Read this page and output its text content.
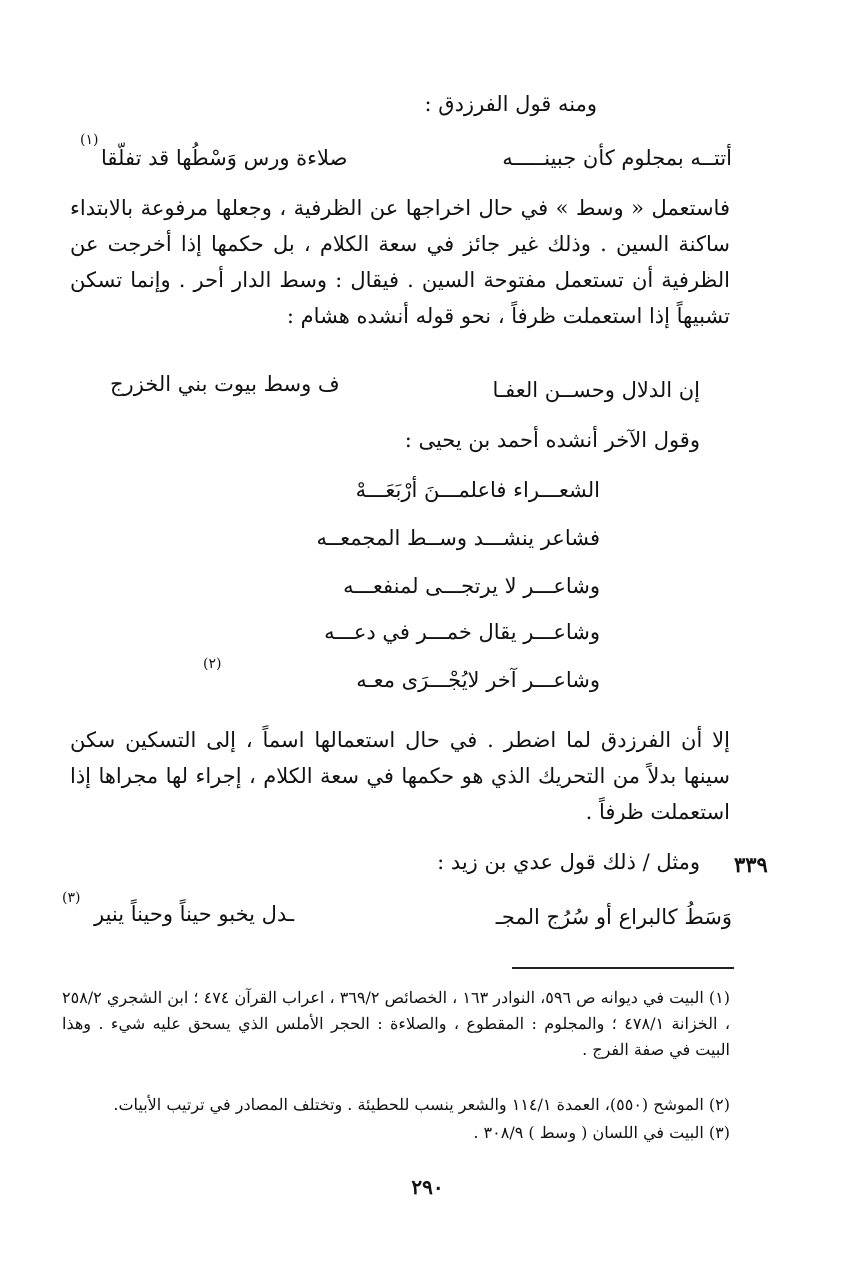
ومنه قول الفرزدق :
أتتــه بمجلوم كأن جبينـــــه
صلاءة ورس وَسْطُها قد تفلّقا
(١)
فاستعمل « وسط » في حال اخراجها عن الظرفية ، وجعلها مرفوعة بالابتداء ساكنة السين . وذلك غير جائز في سعة الكلام ، بل حكمها إذا أخرجت عن الظرفية أن تستعمل مفتوحة السين . فيقال : وسط الدار أحر . وإنما تسكن تشبيهاً إذا استعملت ظرفاً ، نحو قوله أنشده هشام :
إن الدلال وحســن العفـا
ف وسط بيوت بني الخزرج
وقول الآخر أنشده أحمد بن يحيى :
الشعـــراء فاعلمـــنَ أرْبَعَـــهْ
فشاعر ينشـــد وســط المجمعــه
وشاعـــر لا يرتجـــى لمنفعـــه
وشاعـــر يقال خمـــر في دعـــه
وشاعـــر آخر لايُجْـــرَى معـه
(٢)
إلا أن الفرزدق لما اضطر . في حال استعمالها اسماً ، إلى التسكين سكن سينها بدلاً من التحريك الذي هو حكمها في سعة الكلام ، إجراء لها مجراها إذا استعملت ظرفاً .
٣٣٩
ومثل / ذلك قول عدي بن زيد :
وَسَطُ كالبراع أو سُرُج المجـ
ـدل يخبو حيناً وحيناً ينير
(٣)
(١) البيت في ديوانه ص ٥٩٦، النوادر ١٦٣ ، الخصائص ٣٦٩/٢ ، اعراب القرآن ٤٧٤ ؛ ابن الشجري ٢٥٨/٢ ، الخزانة ٤٧٨/١ ؛ والمجلوم : المقطوع ، والصلاءة : الحجر الأملس الذي يسحق عليه شيء . وهذا البيت في صفة الفرج .
(٢) الموشح (٥٥٠)، العمدة ١١٤/١ والشعر ينسب للحطيئة . وتختلف المصادر في ترتيب الأبيات.
(٣) البيت في اللسان ( وسط ) ٣٠٨/٩ .
٢٩٠
